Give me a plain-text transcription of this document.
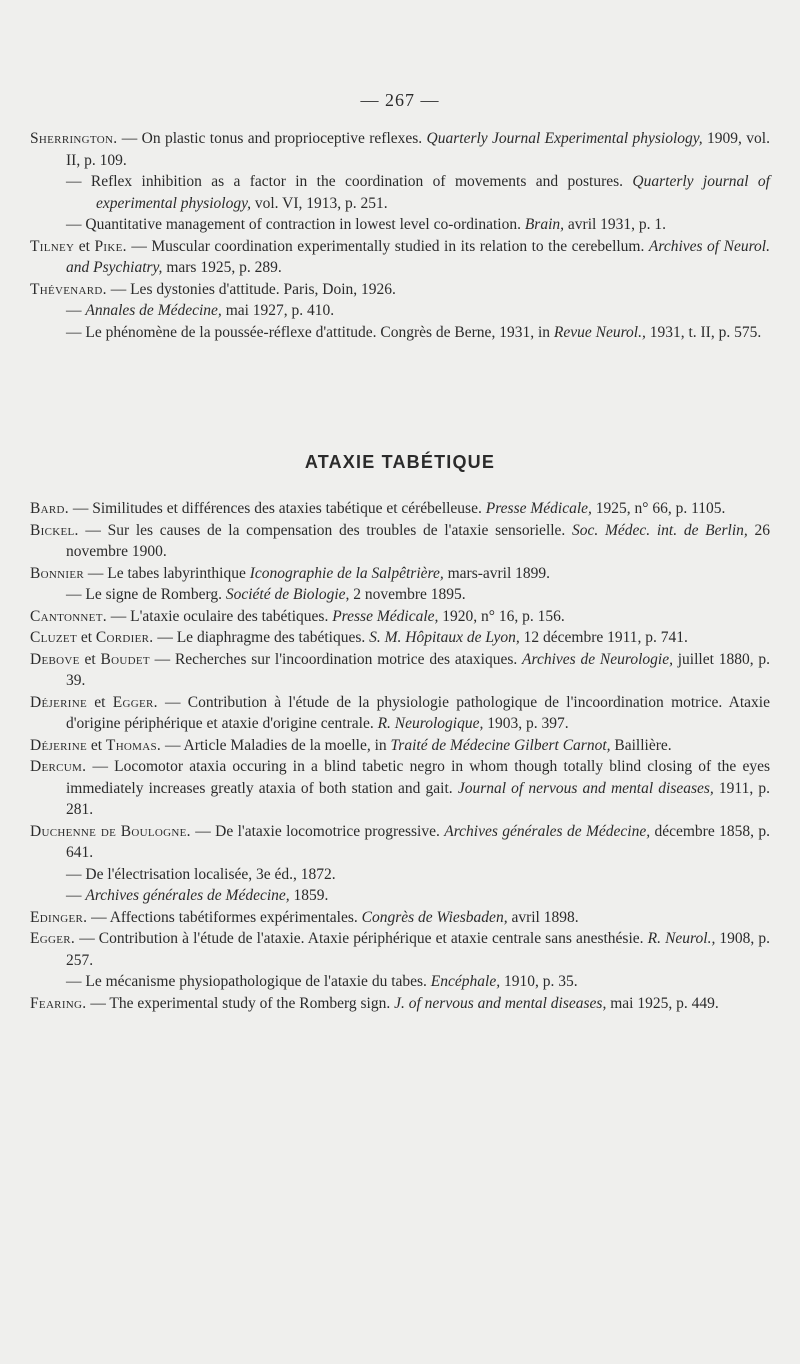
— 267 —
Sherrington. — On plastic tonus and proprioceptive reflexes. Quarterly Journal Experimental physiology, 1909, vol. II, p. 109.
— Reflex inhibition as a factor in the coordination of movements and postures. Quarterly journal of experimental physiology, vol. VI, 1913, p. 251.
— Quantitative management of contraction in lowest level co-ordination. Brain, avril 1931, p. 1.
Tilney et Pike. — Muscular coordination experimentally studied in its relation to the cerebellum. Archives of Neurol. and Psychiatry, mars 1925, p. 289.
Thévenard. — Les dystonies d'attitude. Paris, Doin, 1926.
— Annales de Médecine, mai 1927, p. 410.
— Le phénomène de la poussée-réflexe d'attitude. Congrès de Berne, 1931, in Revue Neurol., 1931, t. II, p. 575.
ATAXIE TABÉTIQUE
Bard. — Similitudes et différences des ataxies tabétique et cérébelleuse. Presse Médicale, 1925, n° 66, p. 1105.
Bickel. — Sur les causes de la compensation des troubles de l'ataxie sensorielle. Soc. Médec. int. de Berlin, 26 novembre 1900.
Bonnier — Le tabes labyrinthique Iconographie de la Salpêtrière, mars-avril 1899.
— Le signe de Romberg. Société de Biologie, 2 novembre 1895.
Cantonnet. — L'ataxie oculaire des tabétiques. Presse Médicale, 1920, n° 16, p. 156.
Cluzet et Cordier. — Le diaphragme des tabétiques. S. M. Hôpitaux de Lyon, 12 décembre 1911, p. 741.
Debove et Boudet — Recherches sur l'incoordination motrice des ataxiques. Archives de Neurologie, juillet 1880, p. 39.
Déjerine et Egger. — Contribution à l'étude de la physiologie pathologique de l'incoordination motrice. Ataxie d'origine périphérique et ataxie d'origine centrale. R. Neurologique, 1903, p. 397.
Déjerine et Thomas. — Article Maladies de la moelle, in Traité de Médecine Gilbert Carnot, Baillière.
Dercum. — Locomotor ataxia occuring in a blind tabetic negro in whom though totally blind closing of the eyes immediately increases greatly ataxia of both station and gait. Journal of nervous and mental diseases, 1911, p. 281.
Duchenne de Boulogne. — De l'ataxie locomotrice progressive. Archives générales de Médecine, décembre 1858, p. 641.
— De l'électrisation localisée, 3e éd., 1872.
— Archives générales de Médecine, 1859.
Edinger. — Affections tabétiformes expérimentales. Congrès de Wiesbaden, avril 1898.
Egger. — Contribution à l'étude de l'ataxie. Ataxie périphérique et ataxie centrale sans anesthésie. R. Neurol., 1908, p. 257.
— Le mécanisme physiopathologique de l'ataxie du tabes. Encéphale, 1910, p. 35.
Fearing. — The experimental study of the Romberg sign. J. of nervous and mental diseases, mai 1925, p. 449.
